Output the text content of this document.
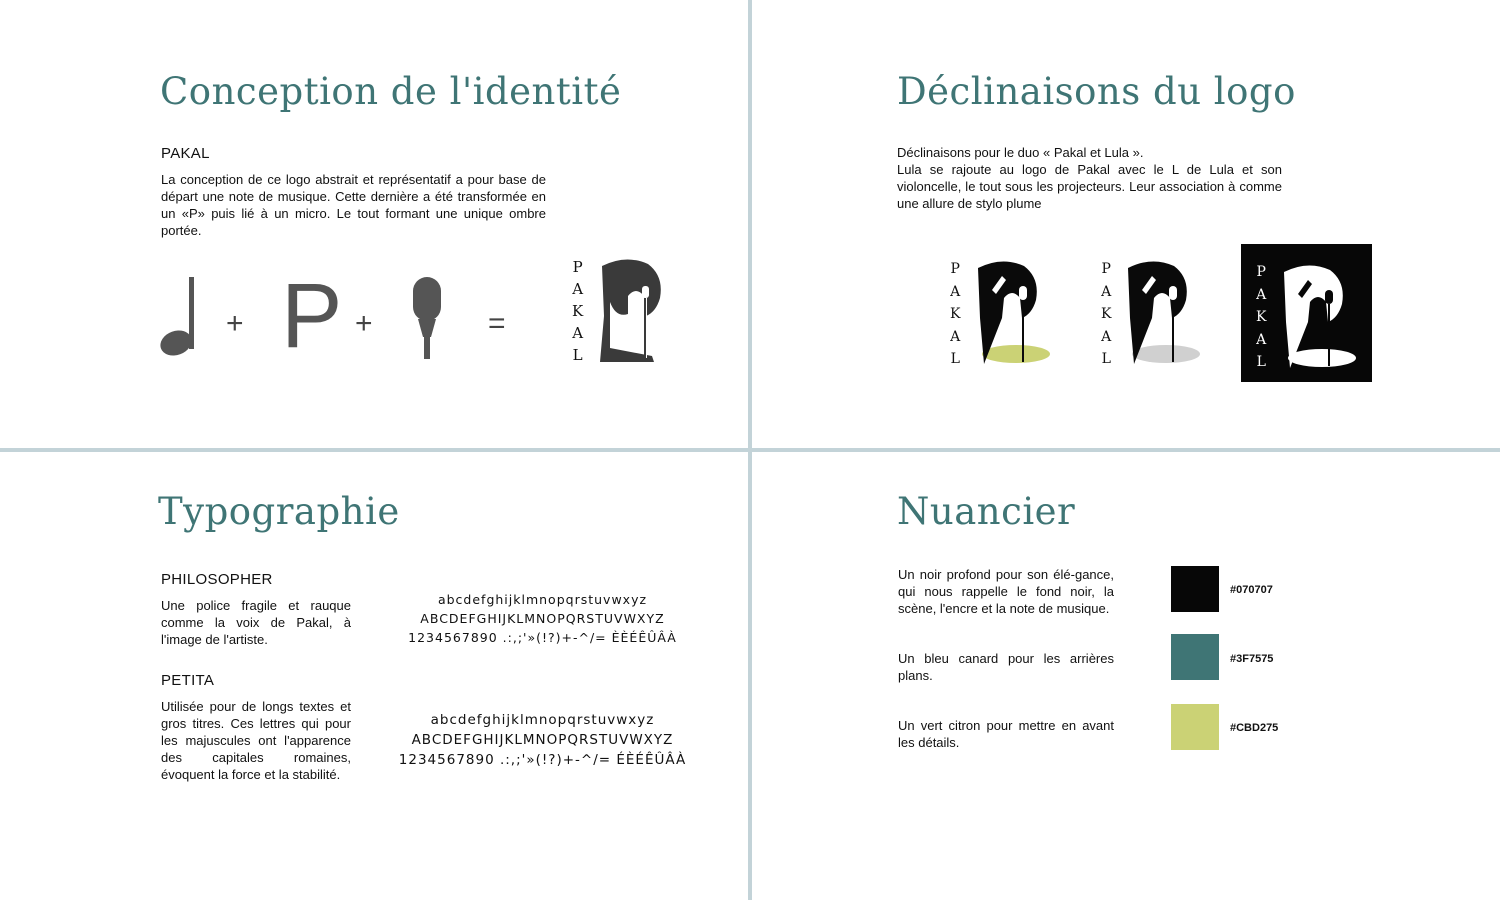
Conception de l'identité
PAKAL
La conception de ce logo abstrait et représentatif a pour base de départ une note de musique. Cette dernière a été transformée en un «P» puis lié à un micro. Le tout formant une unique ombre portée.
+ P +	=
P
A
K
A
L
Déclinaisons du logo
Déclinaisons pour le duo « Pakal et Lula ».
Lula se rajoute au logo de Pakal avec le L de Lula et son violoncelle, le tout sous les projecteurs. Leur association à comme une allure de stylo plume
P
A
K
A
L
P
A
K
A
L
P
A
K
A
L
Typographie
PHILOSOPHER
Une police fragile et rauque comme la voix de Pakal, à l'image de l'artiste.
abcdefghijklmnopqrstuvwxyz
ABCDEFGHIJKLMNOPQRSTUVWXYZ
1234567890 .:,;'»(!?)+-^/= ÈÈÉÊÛÂÀ
PETITA
Utilisée pour de longs textes et gros titres. Ces lettres qui pour les majuscules ont l'apparence des capitales romaines, évoquent la force et la stabilité.
abcdefghijklmnopqrstuvwxyz
ABCDEFGHIJKLMNOPQRSTUVWXYZ
1234567890 .:,;'»(!?)+-^/= ÉÈÉÊÛÂÀ
Nuancier
Un noir profond pour son élé-gance, qui nous rappelle le fond noir, la scène, l'encre et la note de musique.
#070707
Un bleu canard pour les arrières plans.
#3F7575
Un vert citron pour mettre en avant les détails.
#CBD275
